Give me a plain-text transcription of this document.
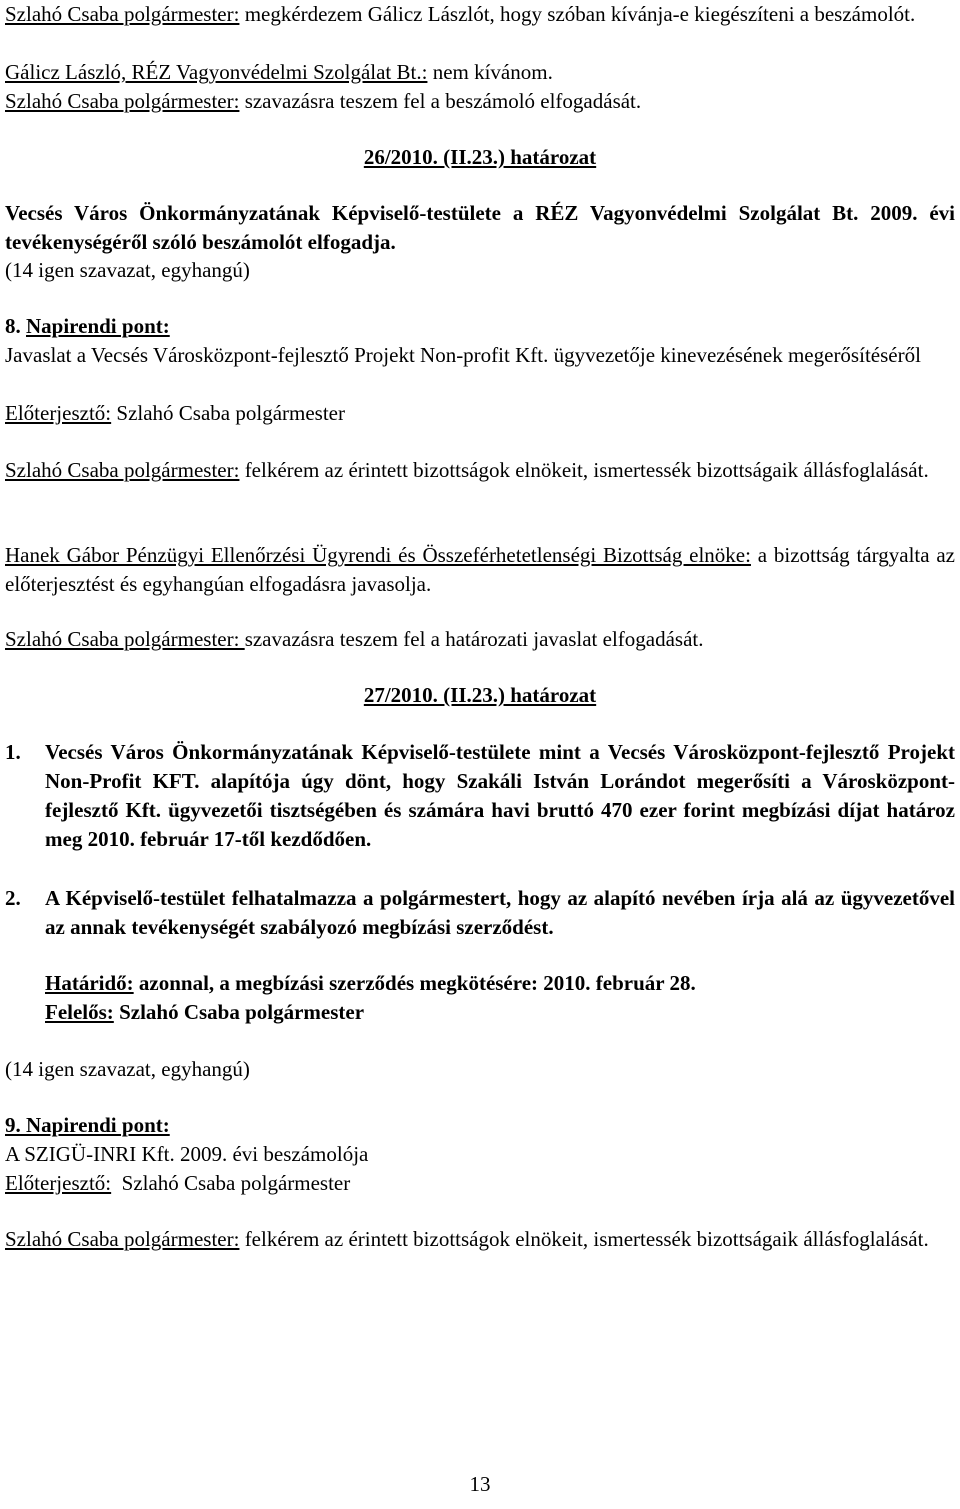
Szlahó Csaba polgármester: megkérdezem Gálicz Lászlót, hogy szóban kívánja-e kiegészíteni a beszámolót.

Gálicz László, RÉZ Vagyonvédelmi Szolgálat Bt.: nem kívánom.

Szlahó Csaba polgármester: szavazásra teszem fel a beszámoló elfogadását.

26/2010. (II.23.) határozat

Vecsés Város Önkormányzatának Képviselő-testülete a RÉZ Vagyonvédelmi Szolgálat Bt. 2009. évi tevékenységéről szóló beszámolót elfogadja.

(14 igen szavazat, egyhangú)

8. Napirendi pont:

Javaslat a Vecsés Városközpont-fejlesztő Projekt Non-profit Kft. ügyvezetője kinevezésének megerősítéséről

Előterjesztő: Szlahó Csaba polgármester

Szlahó Csaba polgármester: felkérem az érintett bizottságok elnökeit, ismertessék bizottságaik állásfoglalását.

Hanek Gábor Pénzügyi Ellenőrzési Ügyrendi és Összeférhetetlenségi Bizottság elnöke: a bizottság tárgyalta az előterjesztést és egyhangúan elfogadásra javasolja.

Szlahó Csaba polgármester: szavazásra teszem fel a határozati javaslat elfogadását.

27/2010. (II.23.) határozat

1. Vecsés Város Önkormányzatának Képviselő-testülete mint a Vecsés Városközpont-fejlesztő Projekt Non-Profit KFT. alapítója úgy dönt, hogy Szakáli István Lorándot megerősíti a Városközpont-fejlesztő Kft. ügyvezetői tisztségében és számára havi bruttó 470 ezer forint megbízási díjat határoz meg 2010. február 17-től kezdődően.
2. A Képviselő-testület felhatalmazza a polgármestert, hogy az alapító nevében írja alá az ügyvezetővel az annak tevékenységét szabályozó megbízási szerződést.

Határidő: azonnal, a megbízási szerződés megkötésére: 2010. február 28.

Felelős: Szlahó Csaba polgármester

(14 igen szavazat, egyhangú)

9. Napirendi pont:

A SZIGÜ-INRI Kft. 2009. évi beszámolója

Előterjesztő:  Szlahó Csaba polgármester

Szlahó Csaba polgármester: felkérem az érintett bizottságok elnökeit, ismertessék bizottságaik állásfoglalását.

13
